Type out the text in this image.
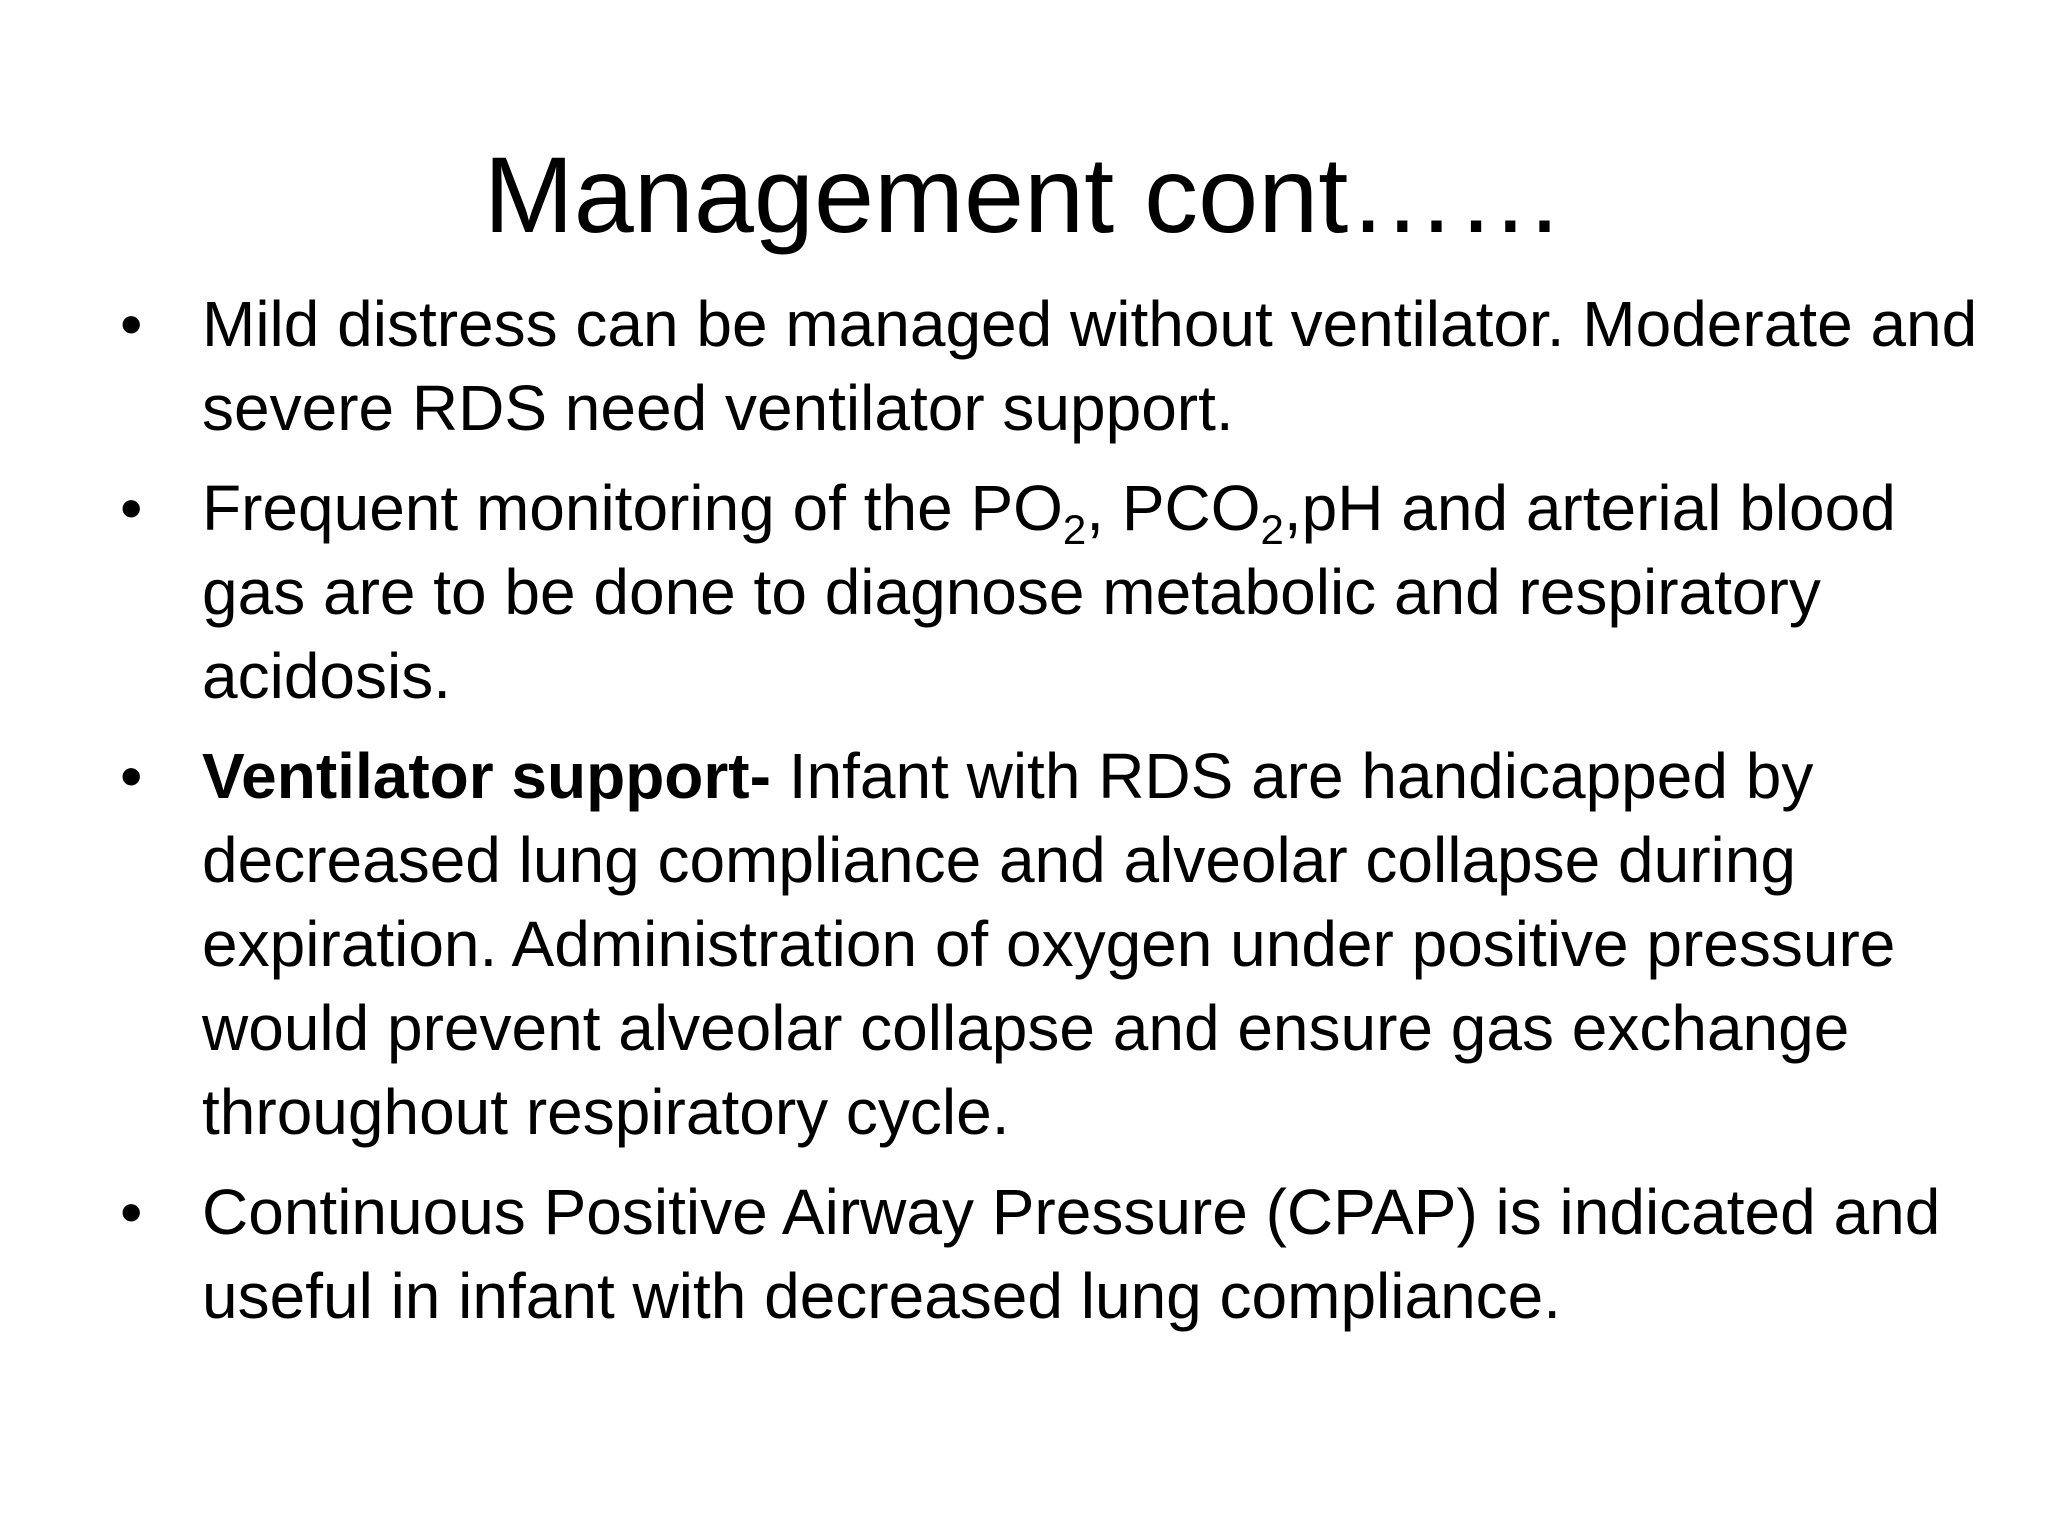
Management cont……
• Mild distress can be managed without ventilator. Moderate and severe RDS need ventilator support.
• Frequent monitoring of the $PO_2$, $PCO_2,pH$ and arterial blood gas are to be done to diagnose metabolic and respiratory acidosis.
• Ventilator support- Infant with RDS are handicapped by decreased lung compliance and alveolar collapse during expiration. Administration of oxygen under positive pressure would prevent alveolar collapse and ensure gas exchange throughout respiratory cycle.
• Continuous Positive Airway Pressure (CPAP) is indicated and useful in infant with decreased lung compliance.
